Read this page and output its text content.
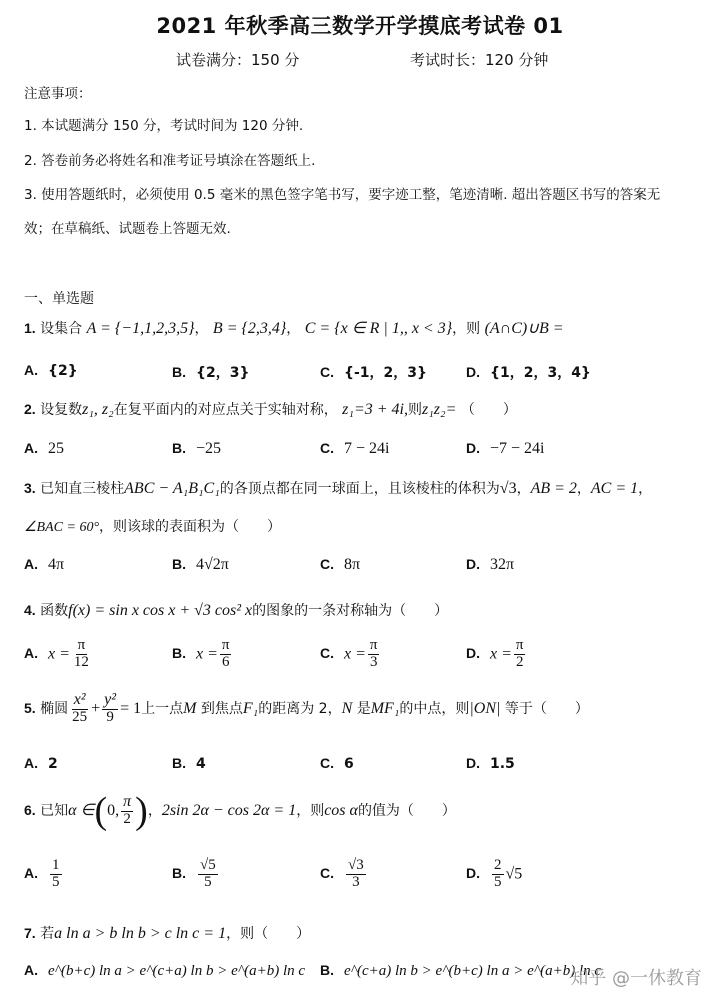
2021 年秋季高三数学开学摸底考试卷 01
试卷满分：150 分	考试时长：120 分钟
注意事项：
1. 本试题满分 150 分，考试时间为 120 分钟.
2. 答卷前务必将姓名和准考证号填涂在答题纸上.
3. 使用答题纸时，必须使用 0.5 毫米的黑色签字笔书写，要字迹工整，笔迹清晰. 超出答题区书写的答案无
效；在草稿纸、试题卷上答题无效.
一、单选题
1. 设集合 A = {−1,1,2,3,5}， B = {2,3,4}， C = {x ∈ R | 1,, x < 3}，则 (A∩C)∪B =
A. {2}	B. {2，3}	C. {-1，2，3}	D. {1，2，3，4}
2. 设复数z₁, z₂在复平面内的对应点关于实轴对称， z₁=3 + 4i,则z₁z₂= （　　）
A. 25	B. −25	C. 7 − 24i	D. −7 − 24i
3. 已知直三棱柱ABC − A₁B₁C₁的各顶点都在同一球面上，且该棱柱的体积为√3，AB = 2，AC = 1，
∠BAC = 60°，则该球的表面积为（　　）
A. 4π	B. 4√2π	C. 8π	D. 32π
4. 函数f(x) = sin x cos x + √3 cos² x的图象的一条对称轴为（　　）
A. $x = \frac{\pi}{12}$	B. $x = \frac{\pi}{6}$	C. $x = \frac{\pi}{3}$	D. $x = \frac{\pi}{2}$
5. 椭圆 $\frac{\text{x²}}{25} + \frac{\text{y²}}{9} = 1$上一点M 到焦点F₁的距离为 2，N 是MF₁的中点，则|ON| 等于（　　）
A. 2	B. 4	C. 6	D. 1.5
6. 已知α ∈(0, $\frac{\pi}{2}$ )，2sin 2α − cos 2α = 1，则cos α的值为（　　）
A. $\frac{1}{5}$	B. $\frac{√5}{5}$	C. $\frac{√3}{3}$	D. $\frac{2}{5} √5$
7. 若a ln a > b ln b > c ln c = 1，则（　　）
A. e^(b+c) ln a > e^(c+a) ln b > e^(a+b) ln c B. e^(c+a) ln b > e^(b+c) ln a > e^(a+b) ln c
知乎 @一休教育
